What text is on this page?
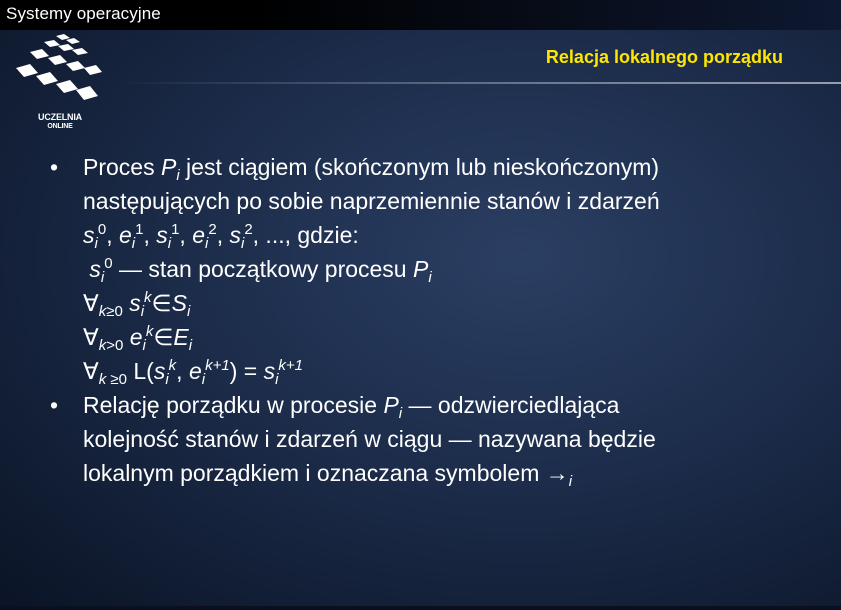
Systemy operacyjne
UCZELNIA
ONLINE
Relacja lokalnego porządku
• Proces $P_i$ jest ciągiem (skończonym lub nieskończonym)
następujących po sobie naprzemiennie stanów i zdarzeń
$s_i^0$, $e_i^1$, $s_i^1$, $e_i^2$, $s_i^2$, ..., gdzie:
$s_i^0$ — stan początkowy procesu $P_i$
$\forall_{k\ge 0}$ $s_i^k\in S_i$
$\forall_{k>0}$ $e_i^k\in E_i$
$\forall_{k \ge 0}$ $L(s_i^k$, $e_i^{k+1}) = s_i^{k+1}$
• Relację porządku w procesie $P_i$ — odzwierciedlająca
kolejność stanów i zdarzeń w ciągu — nazywana będzie
lokalnym porządkiem i oznaczana symbolem $\to_i$
